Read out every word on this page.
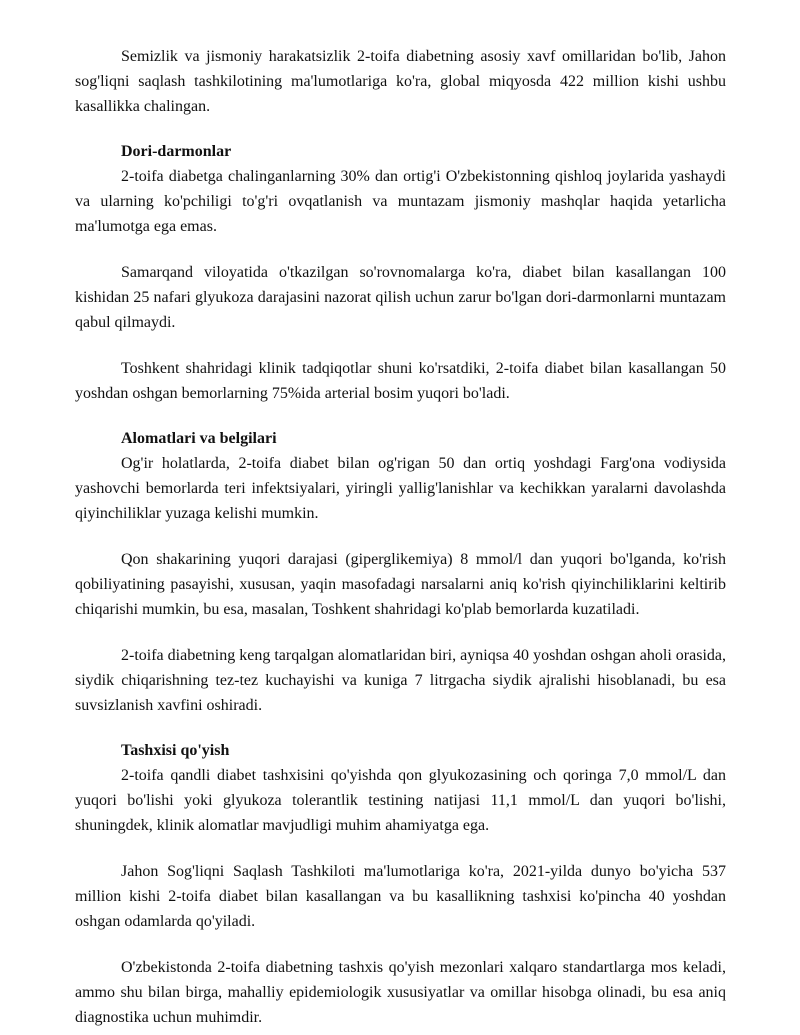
Semizlik va jismoniy harakatsizlik 2-toifa diabetning asosiy xavf omillaridan bo'lib, Jahon sog'liqni saqlash tashkilotining ma'lumotlariga ko'ra, global miqyosda 422 million kishi ushbu kasallikka chalingan.

Dori-darmonlar

2-toifa diabetga chalinganlarning 30% dan ortig'i O'zbekistonning qishloq joylarida yashaydi va ularning ko'pchiligi to'g'ri ovqatlanish va muntazam jismoniy mashqlar haqida yetarlicha ma'lumotga ega emas.

Samarqand viloyatida o'tkazilgan so'rovnomalarga ko'ra, diabet bilan kasallangan 100 kishidan 25 nafari glyukoza darajasini nazorat qilish uchun zarur bo'lgan dori-darmonlarni muntazam qabul qilmaydi.

Toshkent shahridagi klinik tadqiqotlar shuni ko'rsatdiki, 2-toifa diabet bilan kasallangan 50 yoshdan oshgan bemorlarning 75%ida arterial bosim yuqori bo'ladi.

Alomatlari va belgilari

Og'ir holatlarda, 2-toifa diabet bilan og'rigan 50 dan ortiq yoshdagi Farg'ona vodiysida yashovchi bemorlarda teri infektsiyalari, yiringli yallig'lanishlar va kechikkan yaralarni davolashda qiyinchiliklar yuzaga kelishi mumkin.

Qon shakarining yuqori darajasi (giperglikemiya) 8 mmol/l dan yuqori bo'lganda, ko'rish qobiliyatining pasayishi, xususan, yaqin masofadagi narsalarni aniq ko'rish qiyinchiliklarini keltirib chiqarishi mumkin, bu esa, masalan, Toshkent shahridagi ko'plab bemorlarda kuzatiladi.

2-toifa diabetning keng tarqalgan alomatlaridan biri, ayniqsa 40 yoshdan oshgan aholi orasida, siydik chiqarishning tez-tez kuchayishi va kuniga 7 litrgacha siydik ajralishi hisoblanadi, bu esa suvsizlanish xavfini oshiradi.

Tashxisi qo'yish

2-toifa qandli diabet tashxisini qo'yishda qon glyukozasining och qoringa 7,0 mmol/L dan yuqori bo'lishi yoki glyukoza tolerantlik testining natijasi 11,1 mmol/L dan yuqori bo'lishi, shuningdek, klinik alomatlar mavjudligi muhim ahamiyatga ega.

Jahon Sog'liqni Saqlash Tashkiloti ma'lumotlariga ko'ra, 2021-yilda dunyo bo'yicha 537 million kishi 2-toifa diabet bilan kasallangan va bu kasallikning tashxisi ko'pincha 40 yoshdan oshgan odamlarda qo'yiladi.

O'zbekistonda 2-toifa diabetning tashxis qo'yish mezonlari xalqaro standartlarga mos keladi, ammo shu bilan birga, mahalliy epidemiologik xususiyatlar va omillar hisobga olinadi, bu esa aniq diagnostika uchun muhimdir.
